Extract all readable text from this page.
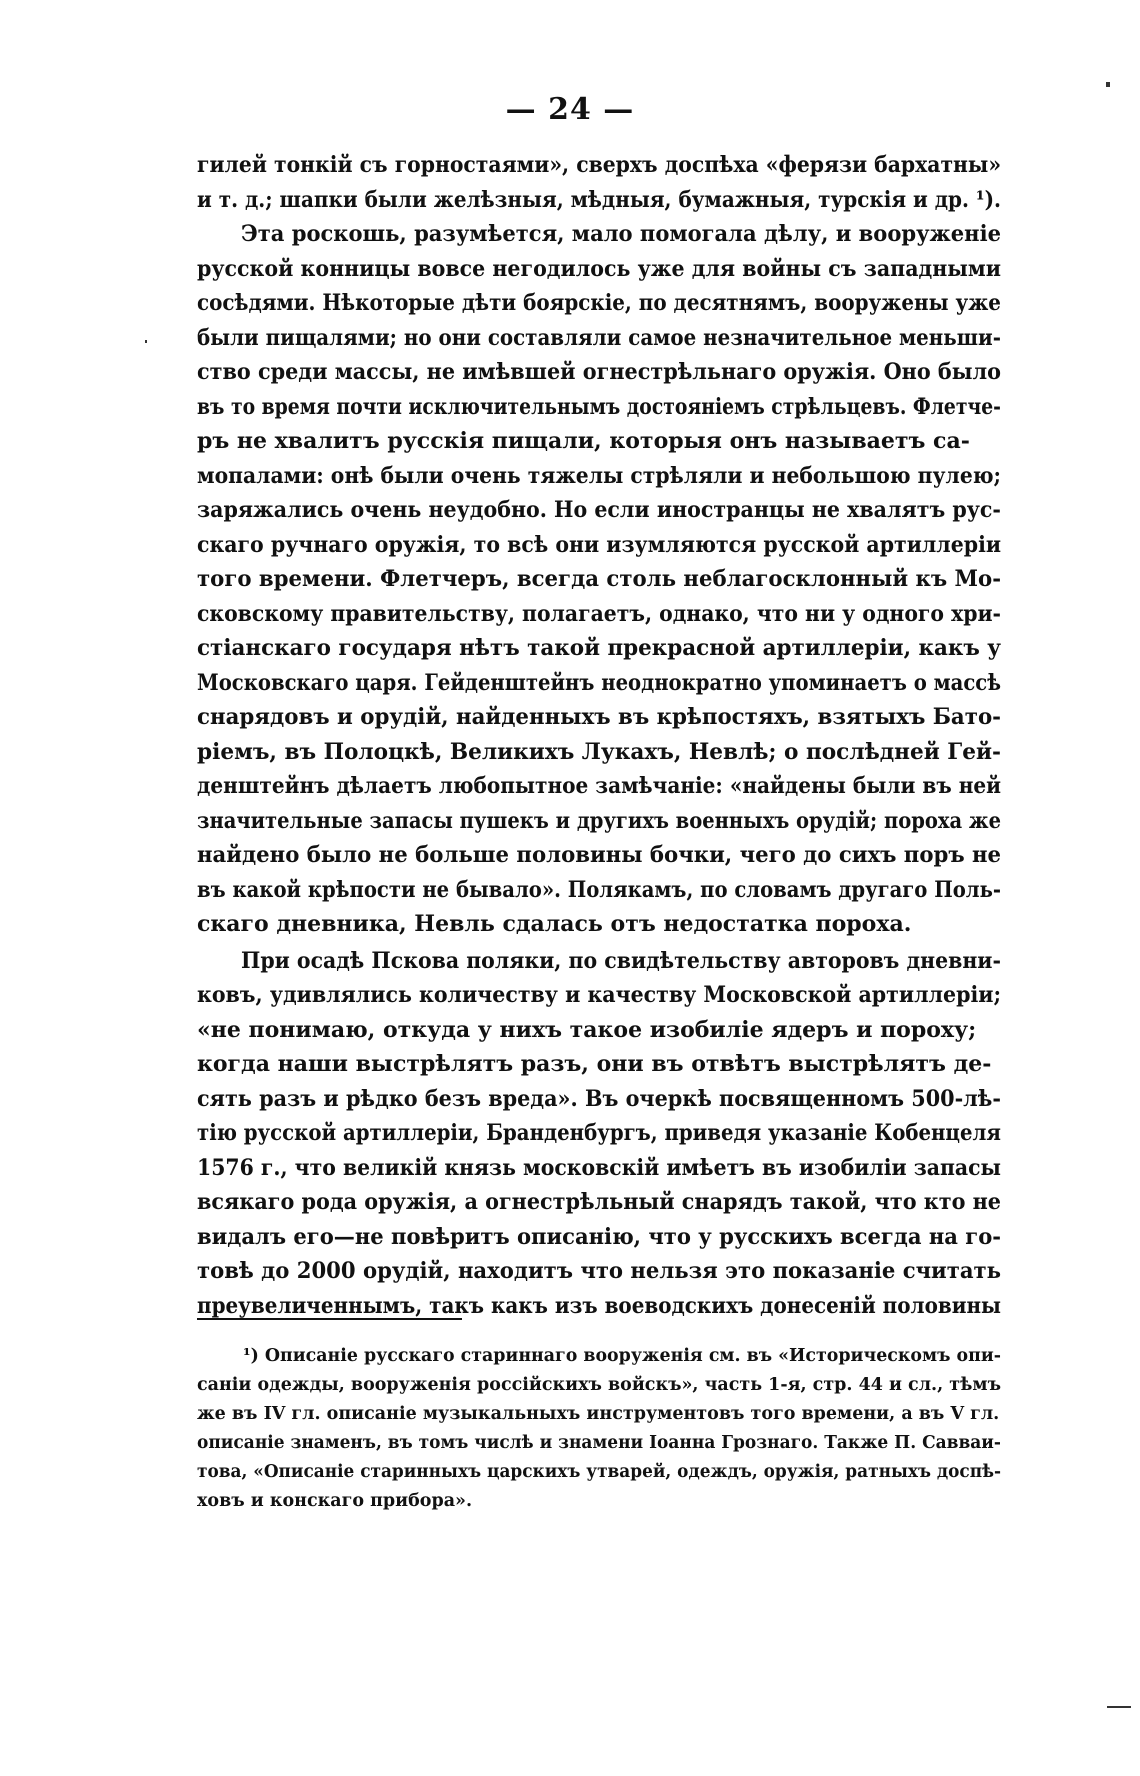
— 24 —
гилей тонкій съ горностаями», сверхъ доспѣха «ферязи бархатны»
и т. д.; шапки были желѣзныя, мѣдныя, бумажныя, турскія и др. ¹).
Эта роскошь, разумѣется, мало помогала дѣлу, и вооруженіе
русской конницы вовсе негодилось уже для войны съ западными
сосѣдями. Нѣкоторые дѣти боярскіе, по десятнямъ, вооружены уже
были пищалями; но они составляли самое незначительное меньши-
ство среди массы, не имѣвшей огнестрѣльнаго оружія. Оно было
въ то время почти исключительнымъ достояніемъ стрѣльцевъ. Флетче-
ръ не хвалитъ русскія пищали, которыя онъ называетъ са-
мопалами: онѣ были очень тяжелы стрѣляли и небольшою пулею;
заряжались очень неудобно. Но если иностранцы не хвалятъ рус-
скаго ручнаго оружія, то всѣ они изумляются русской артиллеріи
того времени. Флетчеръ, всегда столь неблагосклонный къ Мо-
сковскому правительству, полагаетъ, однако, что ни у одного хри-
стіанскаго государя нѣтъ такой прекрасной артиллеріи, какъ у
Московскаго царя. Гейденштейнъ неоднократно упоминаетъ о массѣ
снарядовъ и орудій, найденныхъ въ крѣпостяхъ, взятыхъ Бато-
ріемъ, въ Полоцкѣ, Великихъ Лукахъ, Невлѣ; о послѣдней Гей-
денштейнъ дѣлаетъ любопытное замѣчаніе: «найдены были въ ней
значительные запасы пушекъ и другихъ военныхъ орудій; пороха же
найдено было не больше половины бочки, чего до сихъ поръ не
въ какой крѣпости не бывало». Полякамъ, по словамъ другаго Поль-
скаго дневника, Невль сдалась отъ недостатка пороха.
При осадѣ Пскова поляки, по свидѣтельству авторовъ дневни-
ковъ, удивлялись количеству и качеству Московской артиллеріи;
«не понимаю, откуда у нихъ такое изобиліе ядеръ и пороху;
когда наши выстрѣлятъ разъ, они въ отвѣтъ выстрѣлятъ де-
сять разъ и рѣдко безъ вреда». Въ очеркѣ посвященномъ 500-лѣ-
тію русской артиллеріи, Бранденбургъ, приведя указаніе Кобенцеля
1576 г., что великій князь московскій имѣетъ въ изобиліи запасы
всякаго рода оружія, а огнестрѣльный снарядъ такой, что кто не
видалъ его—не повѣритъ описанію, что у русскихъ всегда на го-
товѣ до 2000 орудій, находитъ что нельзя это показаніе считать
преувеличеннымъ, такъ какъ изъ воеводскихъ донесеній половины
¹) Описаніе русскаго стариннаго вооруженія см. въ «Историческомъ опи-
саніи одежды, вооруженія россійскихъ войскъ», часть 1-я, стр. 44 и сл., тѣмъ
же въ IV гл. описаніе музыкальныхъ инструментовъ того времени, а въ V гл.
описаніе знаменъ, въ томъ числѣ и знамени Іоанна Грознаго. Также П. Савваи-
това, «Описаніе старинныхъ царскихъ утварей, одеждъ, оружія, ратныхъ доспѣ-
ховъ и конскаго прибора».
